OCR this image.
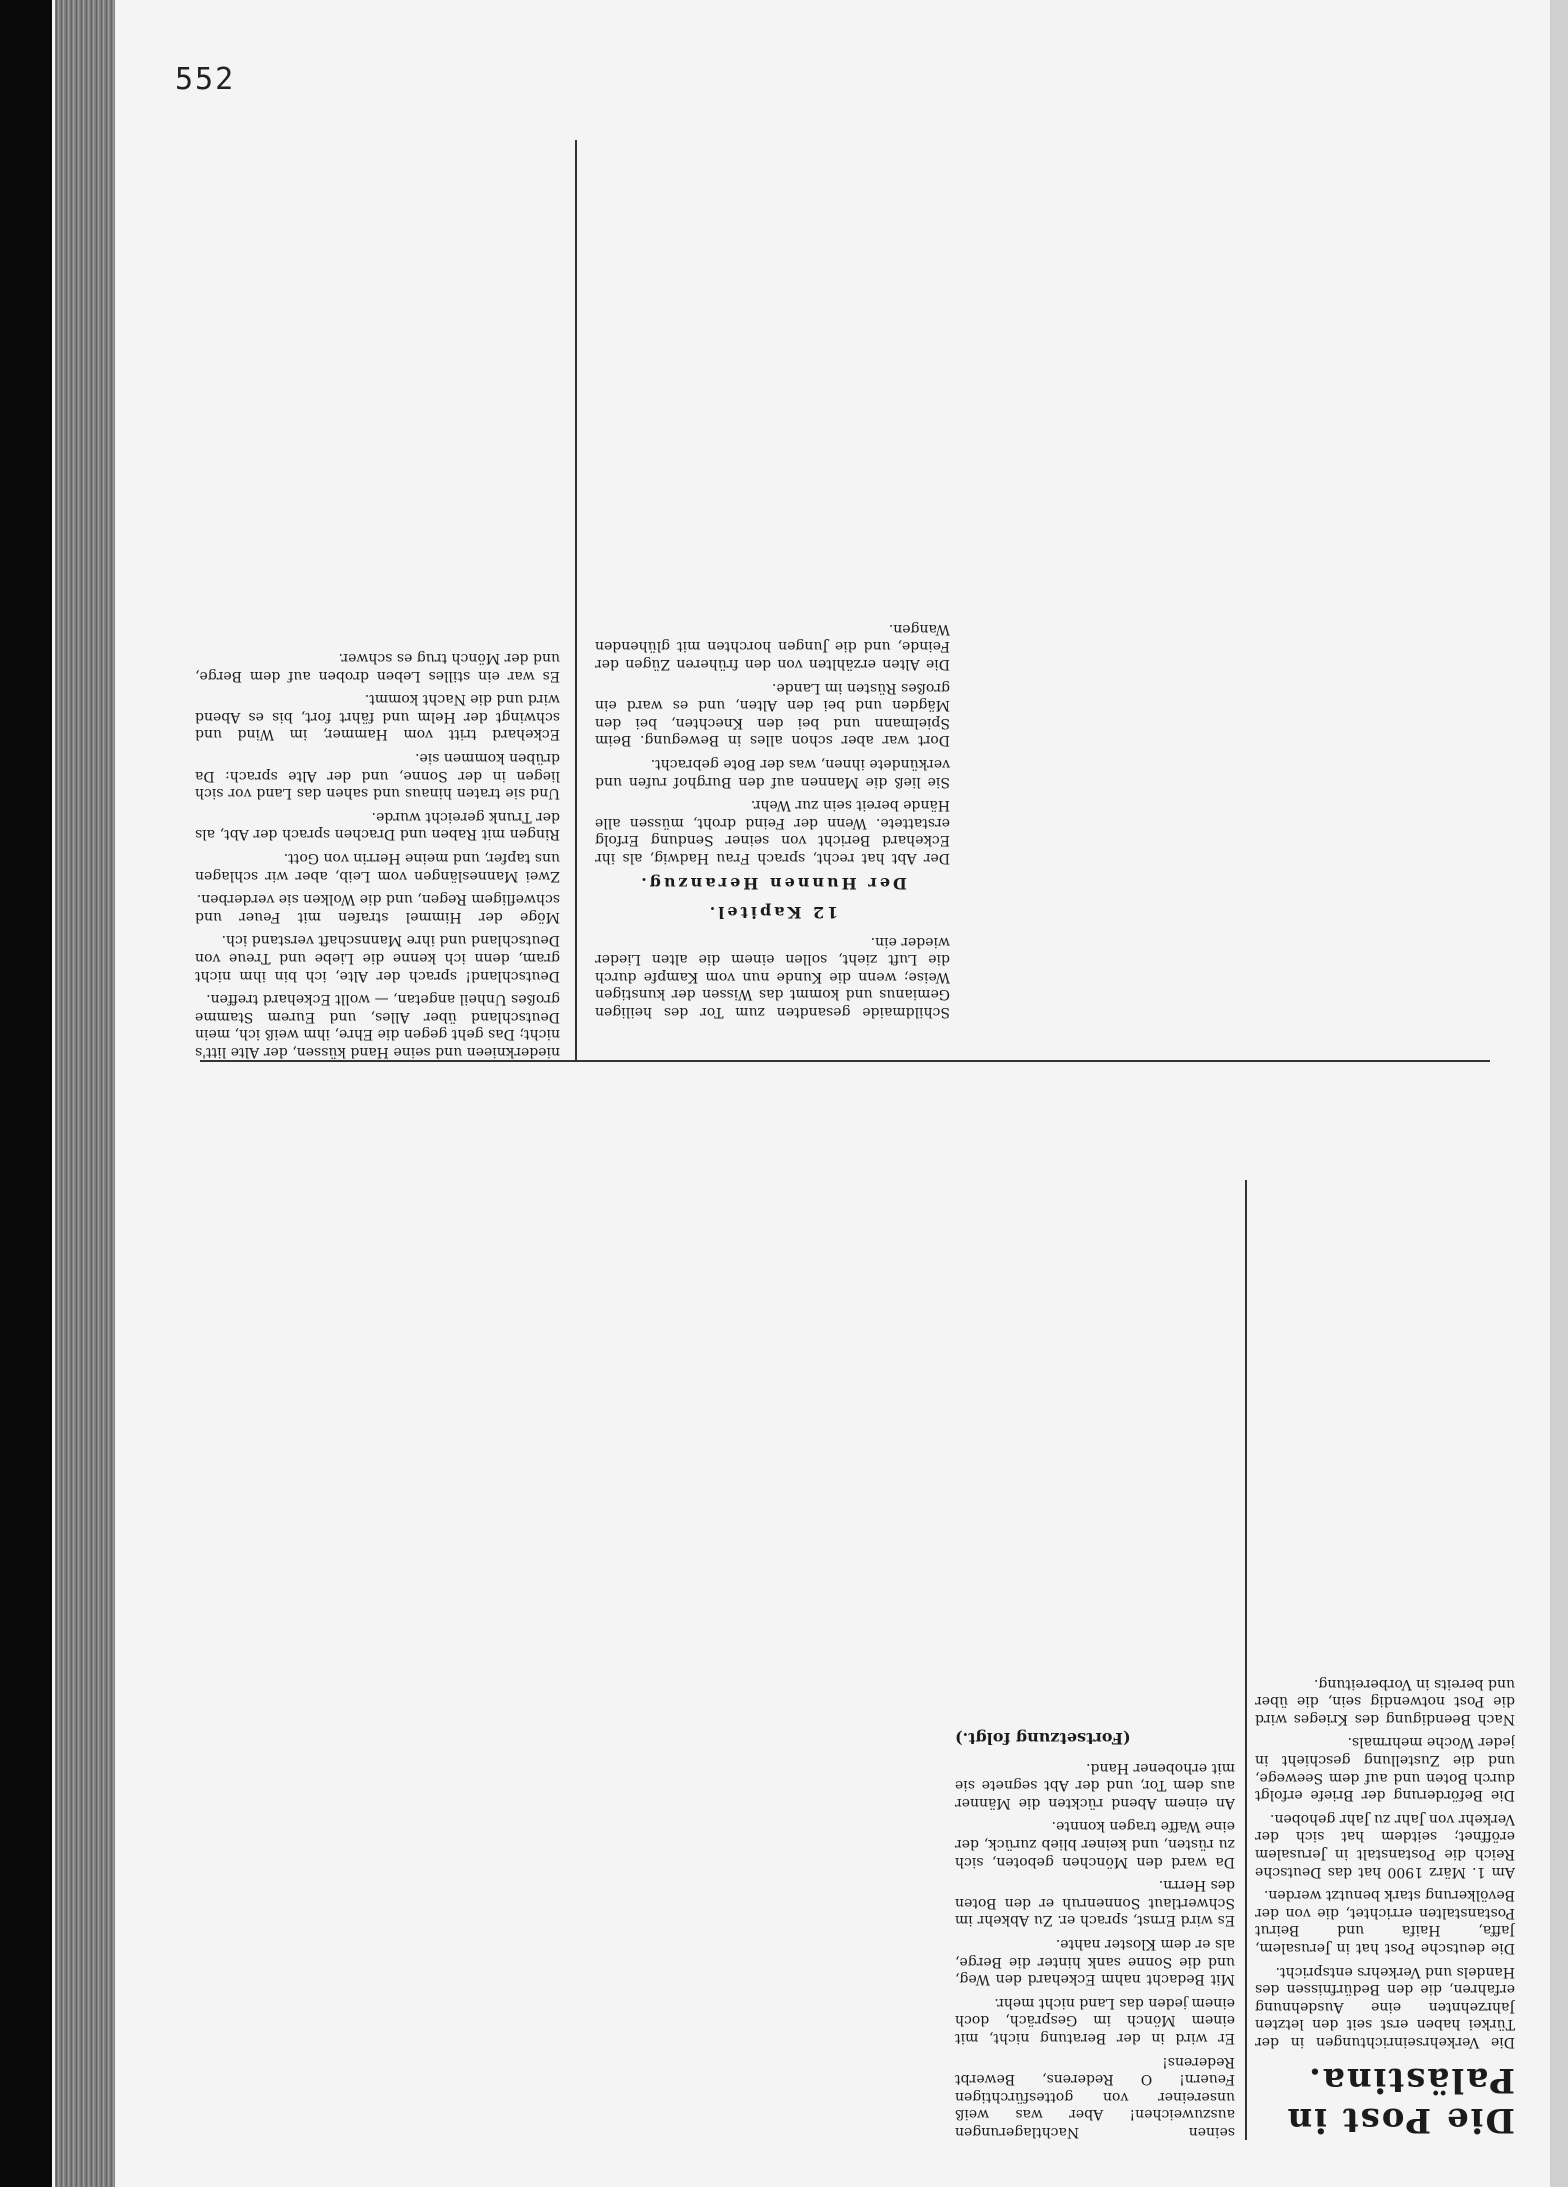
552

niederknieen und seine Hand küssen, der Alte litt's nicht; Das geht gegen die Ehre, ihm weiß ich, mein Deutschland über Alles, und Eurem Stamme großes Unheil angetan, — wollt Eckehard treffen.

Deutschland! sprach der Alte, ich bin ihm nicht gram, denn ich kenne die Liebe und Treue von Deutschland und ihre Mannschaft verstand ich.

Möge der Himmel strafen mit Feuer und schwefligem Regen, und die Wolken sie verderben.

Zwei Manneslängen vom Leib, aber wir schlagen uns tapfer, und meine Herrin von Gott.

Ringen mit Raben und Drachen sprach der Abt, als der Trunk gereicht wurde.

Und sie traten hinaus und sahen das Land vor sich liegen in der Sonne, und der Alte sprach: Da drüben kommen sie.

Eckehard tritt vom Hammer, im Wind und schwingt der Helm und fährt fort, bis es Abend wird und die Nacht kommt.

Es war ein stilles Leben droben auf dem Berge, und der Mönch trug es schwer.

Schildmaide gesandten zum Tor des heiligen Gemianus und kommt das Wissen der kunstigen Weise; wenn die Kunde nun vom Kampfe durch die Luft zieht, sollen einem die alten Lieder wieder ein.

12 Kapitel.
Der Hunnen Heranzug.

Der Abt hat recht, sprach Frau Hadwig, als ihr Eckehard Bericht von seiner Sendung Erfolg erstattete. Wenn der Feind droht, müssen alle Hände bereit sein zur Wehr.

Sie ließ die Mannen auf den Burghof rufen und verkündete ihnen, was der Bote gebracht.

Dort war aber schon alles in Bewegung. Beim Spielmann und bei den Knechten, bei den Mägden und bei den Alten, und es ward ein großes Rüsten im Lande.

Die Alten erzählten von den früheren Zügen der Feinde, und die Jungen horchten mit glühenden Wangen.

seinen Nachtlagerungen auszuweichen! Aber was weiß unsereiner von gottesfürchtigen Feuern! O Rederens, Bewerbt Rederens!

Er wird in der Beratung nicht, mit einem Mönch im Gespräch, doch einem jeden das Land nicht mehr.

Mit Bedacht nahm Eckehard den Weg, und die Sonne sank hinter die Berge, als er dem Kloster nahte.

Es wird Ernst, sprach er. Zu Abkehr im Schwertlaut Sonnenruh er den Boten des Herrn.

Da ward den Mönchen geboten, sich zu rüsten, und keiner blieb zurück, der eine Waffe tragen konnte.

An einem Abend rückten die Männer aus dem Tor, und der Abt segnete sie mit erhobener Hand.

(Fortsetzung folgt.)
Die Post in Palästina.

Die Verkehrseinrichtungen in der Türkei haben erst seit den letzten Jahrzehnten eine Ausdehnung erfahren, die den Bedürfnissen des Handels und Verkehrs entspricht.

Die deutsche Post hat in Jerusalem, Jaffa, Haifa und Beirut Postanstalten errichtet, die von der Bevölkerung stark benutzt werden.

Am 1. März 1900 hat das Deutsche Reich die Postanstalt in Jerusalem eröffnet; seitdem hat sich der Verkehr von Jahr zu Jahr gehoben.

Die Beförderung der Briefe erfolgt durch Boten und auf dem Seewege, und die Zustellung geschieht in jeder Woche mehrmals.

Nach Beendigung des Krieges wird die Post notwendig sein, die über und bereits in Vorbereitung.
